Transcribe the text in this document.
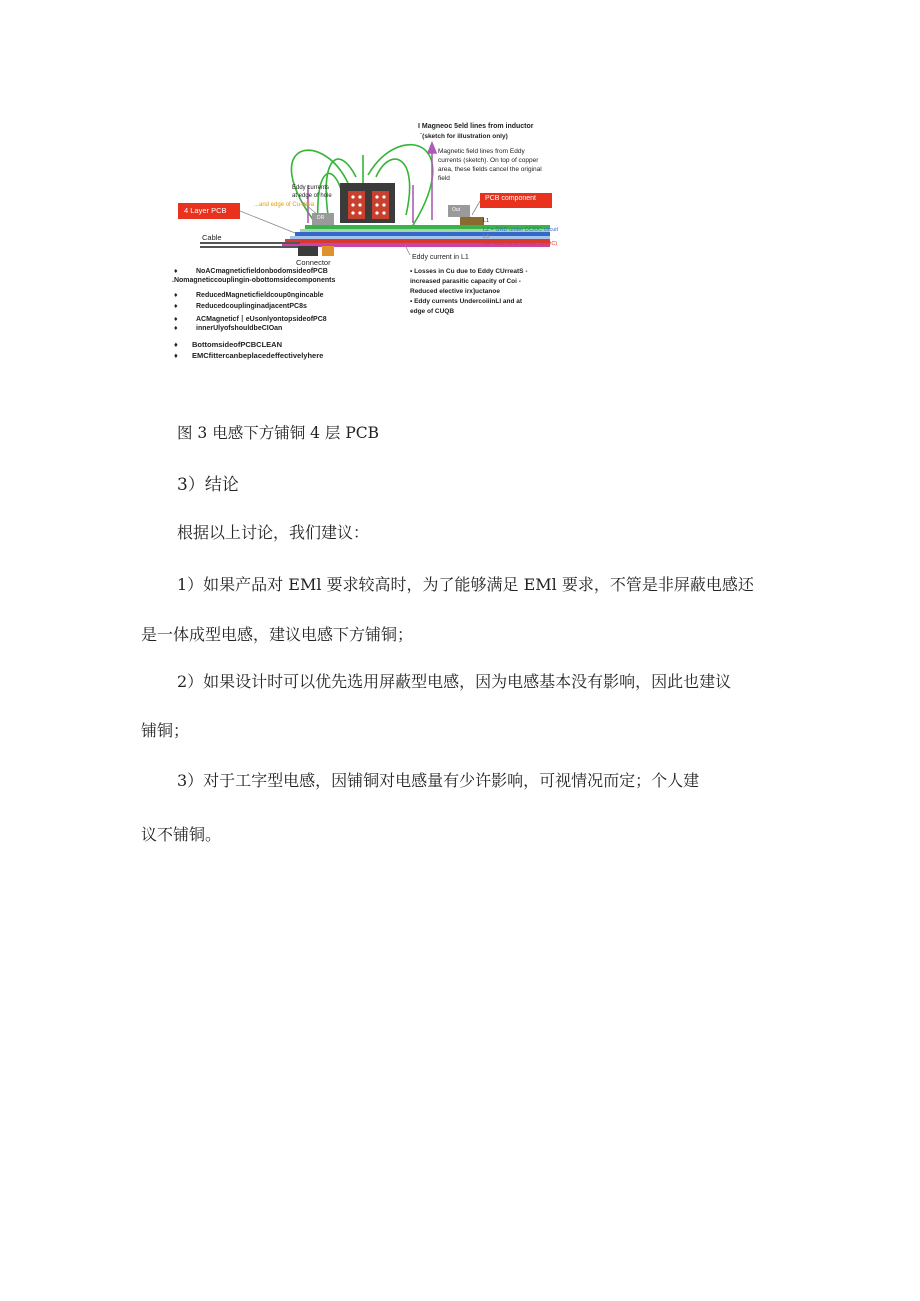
I Magneoc 5eld lines from inductor
`(sketch for illustration only)
Magnetic field lines from Eddy
currents (sketch). On top of copper
area, these fields cancel the original
field
Eddy currents
at edge of hole
...and edge of Cu-area
4 Layer PCB
PCB component
DR
Out
L1
L2 = GND under DC/DC circuit
L3
L4= solid GND (under DC/DC)
Cable
Connector
Eddy current in L1
♦	NoACmagneticfieldonbodomsideofPCB
.Nomagneticcouplingin-obottomsidecomponents
♦	ReducedMagneticfieldcoup0ngincable
♦	ReducedcouplinginadjacentPC8s
♦	ACMagneticf丨eUsonlyontopsideofPC8
♦	innerUlyofshouldbeCIOan
♦ BottomsideofPCBCLEAN
♦ EMCfittercanbeplacedeffectivelyhere
• Losses in Cu due to Eddy CUrreatS -
increased parasitic capacity of Coi -
Reduced elective irx]uctanoe
• Eddy currents UndercoiiinLl and at
edge of CUQB
图 3 电感下方铺铜 4 层 PCB
3）结论
根据以上讨论，我们建议：
1）如果产品对 EMl 要求较高时，为了能够满足 EMl 要求，不管是非屏蔽电感还
是一体成型电感，建议电感下方铺铜；
2）如果设计时可以优先选用屏蔽型电感，因为电感基本没有影响，因此也建议
铺铜；
3）对于工字型电感，因铺铜对电感量有少许影响，可视情况而定；个人建
议不铺铜。
